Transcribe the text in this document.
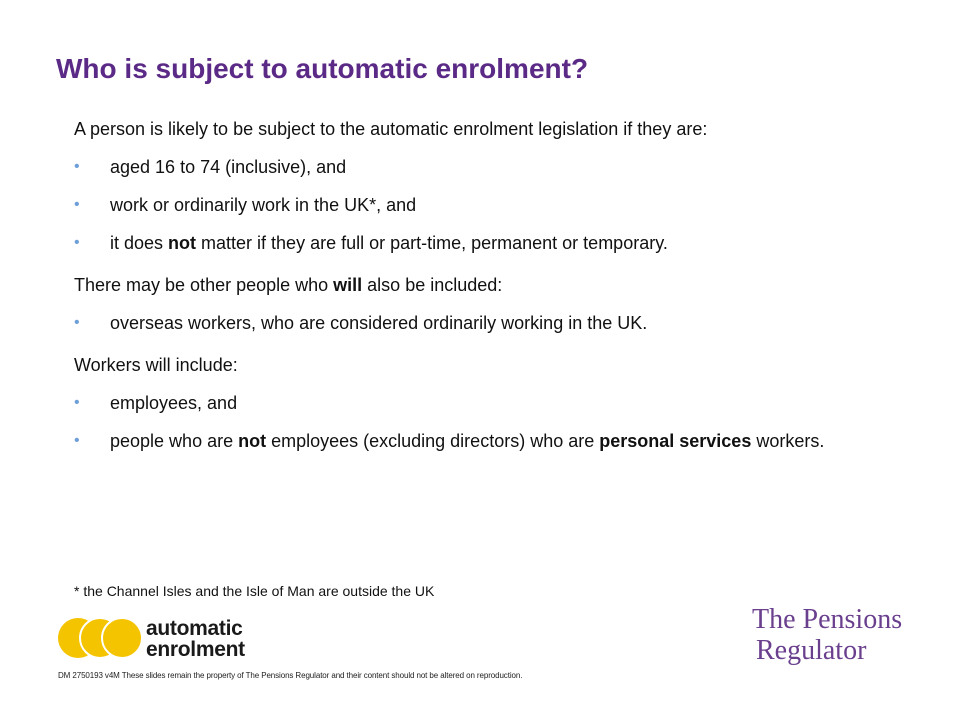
Who is subject to automatic enrolment?

A person is likely to be subject to the automatic enrolment legislation if they are:

• aged 16 to 74 (inclusive), and
• work or ordinarily work in the UK*, and
• it does not matter if they are full or part-time, permanent or temporary.

There may be other people who will also be included:

• overseas workers, who are considered ordinarily working in the UK.

Workers will include:

• employees, and
• people who are not employees (excluding directors) who are personal services workers.
* the Channel Isles and the Isle of Man are outside the UK
automatic
enrolment
The Pensions
Regulator
DM 2750193 v4M These slides remain the property of The Pensions Regulator and their content should not be altered on reproduction.
